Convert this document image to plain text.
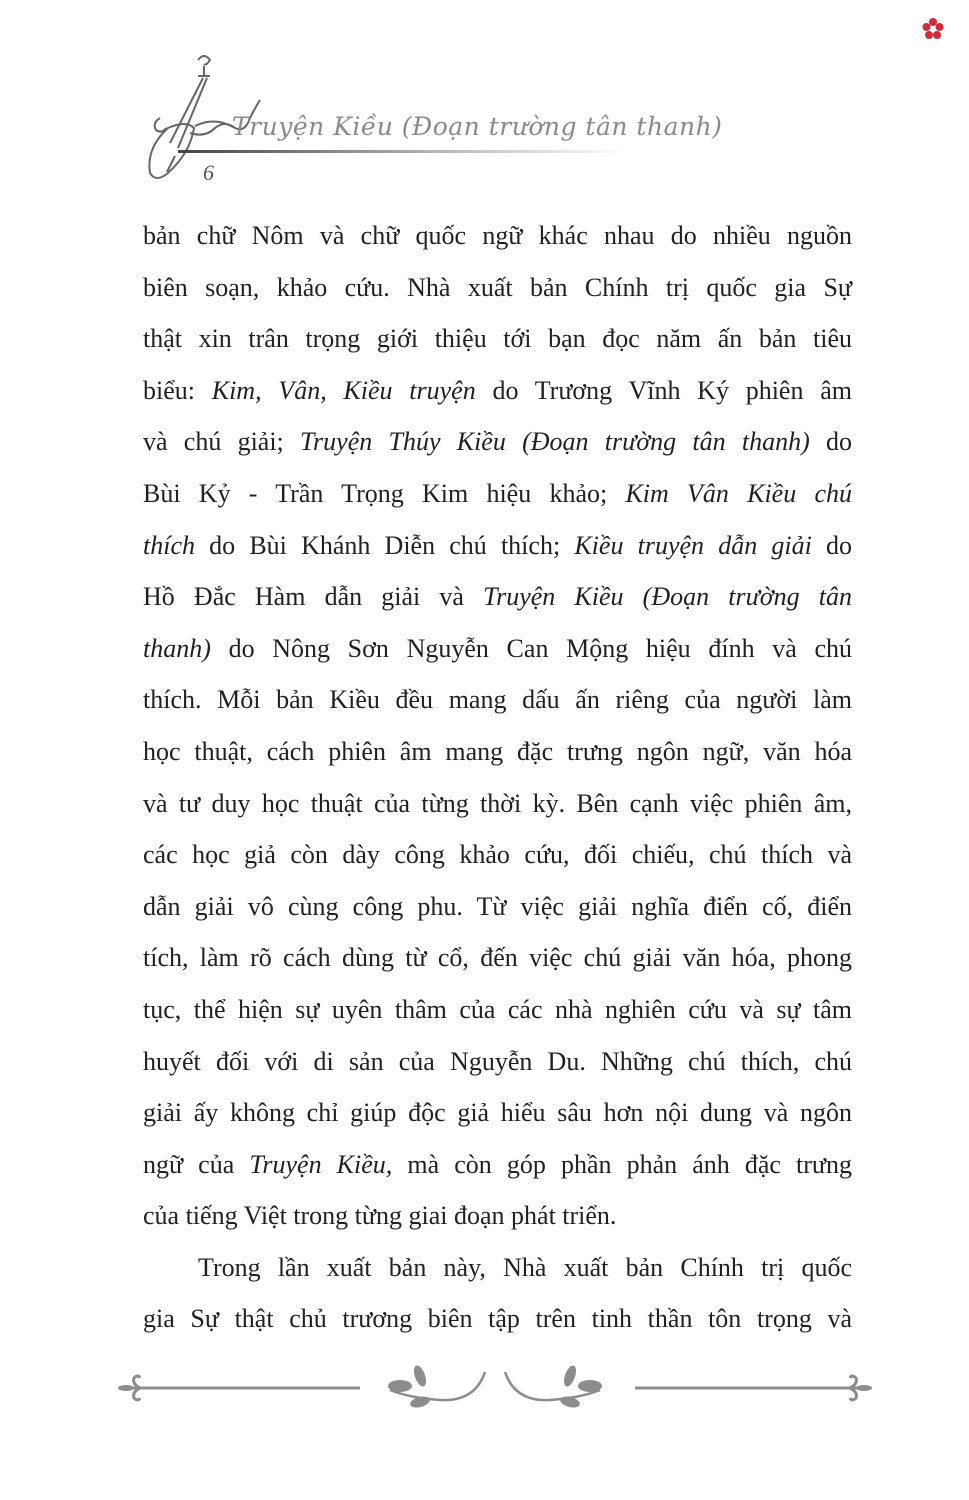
Truyện Kiều (Đoạn trường tân thanh)
6
bản chữ Nôm và chữ quốc ngữ khác nhau do nhiều nguồn
biên soạn, khảo cứu. Nhà xuất bản Chính trị quốc gia Sự
thật xin trân trọng giới thiệu tới bạn đọc năm ấn bản tiêu
biểu: Kim, Vân, Kiều truyện do Trương Vĩnh Ký phiên âm
và chú giải; Truyện Thúy Kiều (Đoạn trường tân thanh) do
Bùi Kỷ - Trần Trọng Kim hiệu khảo; Kim Vân Kiều chú
thích do Bùi Khánh Diễn chú thích; Kiều truyện dẫn giải do
Hồ Đắc Hàm dẫn giải và Truyện Kiều (Đoạn trường tân
thanh) do Nông Sơn Nguyễn Can Mộng hiệu đính và chú
thích. Mỗi bản Kiều đều mang dấu ấn riêng của người làm
học thuật, cách phiên âm mang đặc trưng ngôn ngữ, văn hóa
và tư duy học thuật của từng thời kỳ. Bên cạnh việc phiên âm,
các học giả còn dày công khảo cứu, đối chiếu, chú thích và
dẫn giải vô cùng công phu. Từ việc giải nghĩa điển cố, điển
tích, làm rõ cách dùng từ cổ, đến việc chú giải văn hóa, phong
tục, thể hiện sự uyên thâm của các nhà nghiên cứu và sự tâm
huyết đối với di sản của Nguyễn Du. Những chú thích, chú
giải ấy không chỉ giúp độc giả hiểu sâu hơn nội dung và ngôn
ngữ của Truyện Kiều, mà còn góp phần phản ánh đặc trưng
của tiếng Việt trong từng giai đoạn phát triển.
Trong lần xuất bản này, Nhà xuất bản Chính trị quốc
gia Sự thật chủ trương biên tập trên tinh thần tôn trọng và
